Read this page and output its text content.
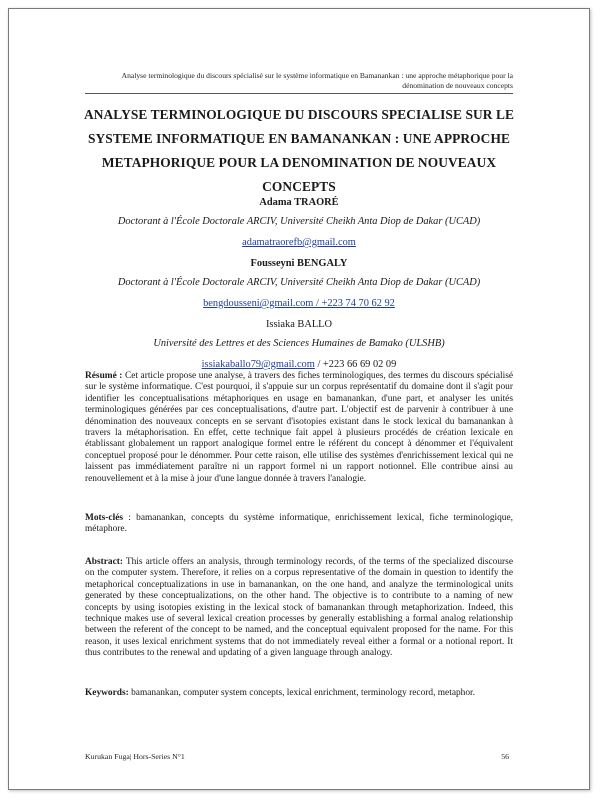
Analyse terminologique du discours spécialisé sur le système informatique en Bamanankan : une approche métaphorique pour la dénomination de nouveaux concepts
ANALYSE TERMINOLOGIQUE DU DISCOURS SPECIALISE SUR LE SYSTEME INFORMATIQUE EN BAMANANKAN : UNE APPROCHE METAPHORIQUE POUR LA DENOMINATION DE NOUVEAUX CONCEPTS
Adama TRAORÉ
Doctorant à l'École Doctorale ARCIV, Université Cheikh Anta Diop de Dakar (UCAD)
adamatraorefb@gmail.com
Fousseyni BENGALY
Doctorant à l'École Doctorale ARCIV, Université Cheikh Anta Diop de Dakar (UCAD)
bengdousseni@gmail.com / +223 74 70 62 92
Issiaka BALLO
Université des Lettres et des Sciences Humaines de Bamako (ULSHB)
issiakaballo79@gmail.com / +223 66 69 02 09

Résumé : Cet article propose une analyse, à travers des fiches terminologiques, des termes du discours spécialisé sur le système informatique. C'est pourquoi, il s'appuie sur un corpus représentatif du domaine dont il s'agit pour identifier les conceptualisations métaphoriques en usage en bamanankan, d'une part, et analyser les unités terminologiques générées par ces conceptualisations, d'autre part. L'objectif est de parvenir à contribuer à une dénomination des nouveaux concepts en se servant d'isotopies existant dans le stock lexical du bamanankan à travers la métaphorisation. En effet, cette technique fait appel à plusieurs procédés de création lexicale en établissant globalement un rapport analogique formel entre le référent du concept à dénommer et l'équivalent conceptuel proposé pour le dénommer. Pour cette raison, elle utilise des systèmes d'enrichissement lexical qui ne laissent pas immédiatement paraître ni un rapport formel ni un rapport notionnel. Elle contribue ainsi au renouvellement et à la mise à jour d'une langue donnée à travers l'analogie.

Mots-clés : bamanankan, concepts du système informatique, enrichissement lexical, fiche terminologique, métaphore.

Abstract: This article offers an analysis, through terminology records, of the terms of the specialized discourse on the computer system. Therefore, it relies on a corpus representative of the domain in question to identify the metaphorical conceptualizations in use in bamanankan, on the one hand, and analyze the terminological units generated by these conceptualizations, on the other hand. The objective is to contribute to a naming of new concepts by using isotopies existing in the lexical stock of bamanankan through metaphorization. Indeed, this technique makes use of several lexical creation processes by generally establishing a formal analog relationship between the referent of the concept to be named, and the conceptual equivalent proposed for the name. For this reason, it uses lexical enrichment systems that do not immediately reveal either a formal or a notional report. It thus contributes to the renewal and updating of a given language through analogy.

Keywords: bamanankan, computer system concepts, lexical enrichment, terminology record, metaphor.

Kurukan Fuga| Hors-Series N°1	56
